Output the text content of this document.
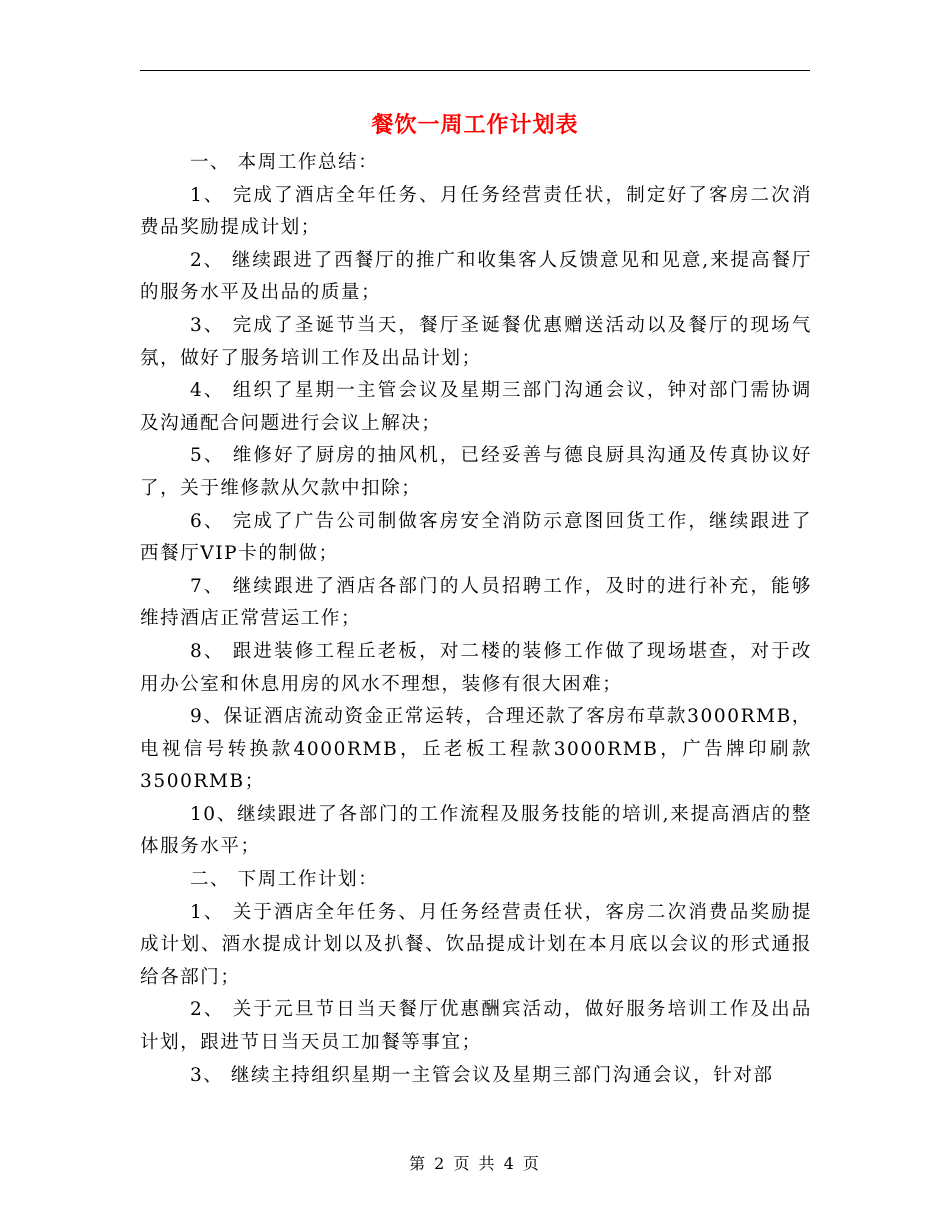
餐饮一周工作计划表

一、 本周工作总结：

1、 完成了酒店全年任务、月任务经营责任状，制定好了客房二次消费品奖励提成计划；

2、 继续跟进了西餐厅的推广和收集客人反馈意见和见意,来提高餐厅的服务水平及出品的质量；

3、 完成了圣诞节当天，餐厅圣诞餐优惠赠送活动以及餐厅的现场气氛，做好了服务培训工作及出品计划；

4、 组织了星期一主管会议及星期三部门沟通会议，钟对部门需协调及沟通配合问题进行会议上解决；

5、 维修好了厨房的抽风机，已经妥善与德良厨具沟通及传真协议好了，关于维修款从欠款中扣除；

6、 完成了广告公司制做客房安全消防示意图回货工作，继续跟进了西餐厅VIP卡的制做；

7、 继续跟进了酒店各部门的人员招聘工作，及时的进行补充，能够维持酒店正常营运工作；

8、 跟进装修工程丘老板，对二楼的装修工作做了现场堪查，对于改用办公室和休息用房的风水不理想，装修有很大困难；

9、保证酒店流动资金正常运转，合理还款了客房布草款3000RMB，电视信号转换款4000RMB，丘老板工程款3000RMB，广告牌印刷款 3500RMB；

10、继续跟进了各部门的工作流程及服务技能的培训,来提高酒店的整体服务水平；

二、 下周工作计划：

1、 关于酒店全年任务、月任务经营责任状，客房二次消费品奖励提成计划、酒水提成计划以及扒餐、饮品提成计划在本月底以会议的形式通报给各部门；

2、 关于元旦节日当天餐厅优惠酬宾活动，做好服务培训工作及出品计划，跟进节日当天员工加餐等事宜；

3、 继续主持组织星期一主管会议及星期三部门沟通会议，针对部

第 2 页 共 4 页
